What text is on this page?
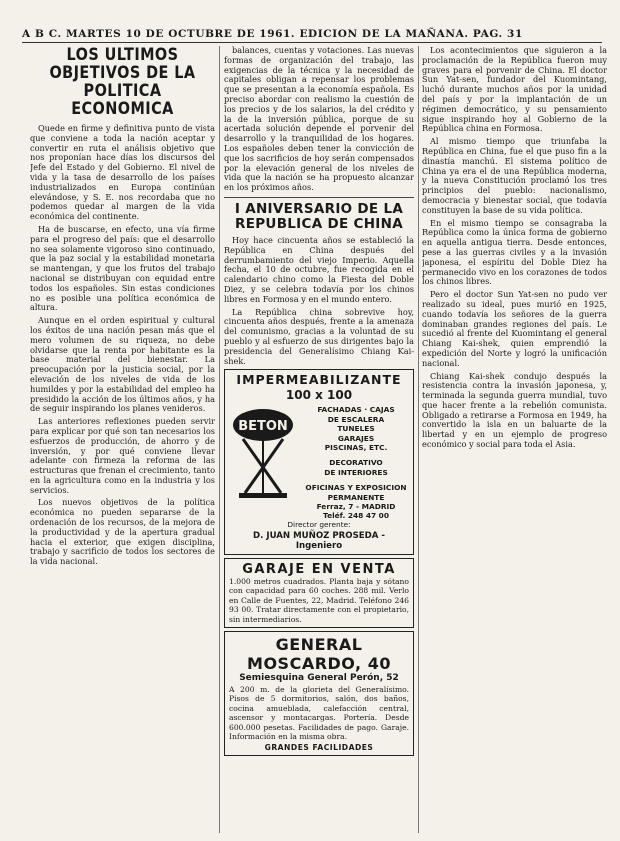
A B C. MARTES 10 DE OCTUBRE DE 1961. EDICION DE LA MAÑANA. PAG. 31
LOS ULTIMOS OBJETIVOS DE LA POLITICA ECONOMICA

Quede en firme y definitiva punto de vista que conviene a toda la nación aceptar y convertir en ruta el análisis objetivo que nos proponían hace días los discursos del Jefe del Estado y del Gobierno. El nivel de vida y la tasa de desarrollo de los países industrializados en Europa continúan elevándose, y S. E. nos recordaba que no podemos quedar al margen de la vida económica del continente.

Ha de buscarse, en efecto, una vía firme para el progreso del país: que el desarrollo no sea solamente vigoroso sino continuado, que la paz social y la estabilidad monetaria se mantengan, y que los frutos del trabajo nacional se distribuyan con equidad entre todos los españoles. Sin estas condiciones no es posible una política económica de altura.

Aunque en el orden espiritual y cultural los éxitos de una nación pesan más que el mero volumen de su riqueza, no debe olvidarse que la renta por habitante es la base material del bienestar. La preocupación por la justicia social, por la elevación de los niveles de vida de los humildes y por la estabilidad del empleo ha presidido la acción de los últimos años, y ha de seguir inspirando los planes venideros.

Las anteriores reflexiones pueden servir para explicar por qué son tan necesarios los esfuerzos de producción, de ahorro y de inversión, y por qué conviene llevar adelante con firmeza la reforma de las estructuras que frenan el crecimiento, tanto en la agricultura como en la industria y los servicios.

Los nuevos objetivos de la política económica no pueden separarse de la ordenación de los recursos, de la mejora de la productividad y de la apertura gradual hacia el exterior, que exigen disciplina, trabajo y sacrificio de todos los sectores de la vida nacional.

balances, cuentas y votaciones. Las nuevas formas de organización del trabajo, las exigencias de la técnica y la necesidad de capitales obligan a repensar los problemas que se presentan a la economía española. Es preciso abordar con realismo la cuestión de los precios y de los salarios, la del crédito y la de la inversión pública, porque de su acertada solución depende el porvenir del desarrollo y la tranquilidad de los hogares. Los españoles deben tener la convicción de que los sacrificios de hoy serán compensados por la elevación general de los niveles de vida que la nación se ha propuesto alcanzar en los próximos años.

I ANIVERSARIO DE LA REPUBLICA DE CHINA

Hoy hace cincuenta años se estableció la República en China después del derrumbamiento del viejo Imperio. Aquella fecha, el 10 de octubre, fue recogida en el calendario chino como la Fiesta del Doble Diez, y se celebra todavía por los chinos libres en Formosa y en el mundo entero.

La República china sobrevive hoy, cincuenta años después, frente a la amenaza del comunismo, gracias a la voluntad de su pueblo y al esfuerzo de sus dirigentes bajo la presidencia del Generalísimo Chiang Kai-shek.

IMPERMEABILIZANTE
100 x 100
BETON
FACHADAS · CAJAS
DE ESCALERA
TUNELES
GARAJES
PISCINAS, ETC.
DECORATIVO
DE INTERIORES
OFICINAS Y EXPOSICION
PERMANENTE
Ferraz, 7 - MADRID
Teléf. 248 47 00
Director gerente:
D. JUAN MUÑOZ PROSEDA - Ingeniero
GARAJE EN VENTA
1.000 metros cuadrados. Planta baja y sótano con capacidad para 60 coches. 288 mil. Verlo en Calle de Fuentes, 22, Madrid. Teléfono 246 93 00. Tratar directamente con el propietario, sin intermediarios.
GENERAL MOSCARDO, 40
Semiesquina General Perón, 52
A 200 m. de la glorieta del Generalísimo. Pisos de 5 dormitorios, salón, dos baños, cocina amueblada, calefacción central, ascensor y montacargas. Portería. Desde 600.000 pesetas. Facilidades de pago. Garaje. Información en la misma obra.
GRANDES FACILIDADES

Los acontecimientos que siguieron a la proclamación de la República fueron muy graves para el porvenir de China. El doctor Sun Yat-sen, fundador del Kuomintang, luchó durante muchos años por la unidad del país y por la implantación de un régimen democrático, y su pensamiento sigue inspirando hoy al Gobierno de la República china en Formosa.

Al mismo tiempo que triunfaba la República en China, fue el que puso fin a la dinastía manchú. El sistema político de China ya era el de una República moderna, y la nueva Constitución proclamó los tres principios del pueblo: nacionalismo, democracia y bienestar social, que todavía constituyen la base de su vida política.

En el mismo tiempo se consagraba la República como la única forma de gobierno en aquella antigua tierra. Desde entonces, pese a las guerras civiles y a la invasión japonesa, el espíritu del Doble Diez ha permanecido vivo en los corazones de todos los chinos libres.

Pero el doctor Sun Yat-sen no pudo ver realizado su ideal, pues murió en 1925, cuando todavía los señores de la guerra dominaban grandes regiones del país. Le sucedió al frente del Kuomintang el general Chiang Kai-shek, quien emprendió la expedición del Norte y logró la unificación nacional.

Chiang Kai-shek condujo después la resistencia contra la invasión japonesa, y, terminada la segunda guerra mundial, tuvo que hacer frente a la rebelión comunista. Obligado a retirarse a Formosa en 1949, ha convertido la isla en un baluarte de la libertad y en un ejemplo de progreso económico y social para toda el Asia.
